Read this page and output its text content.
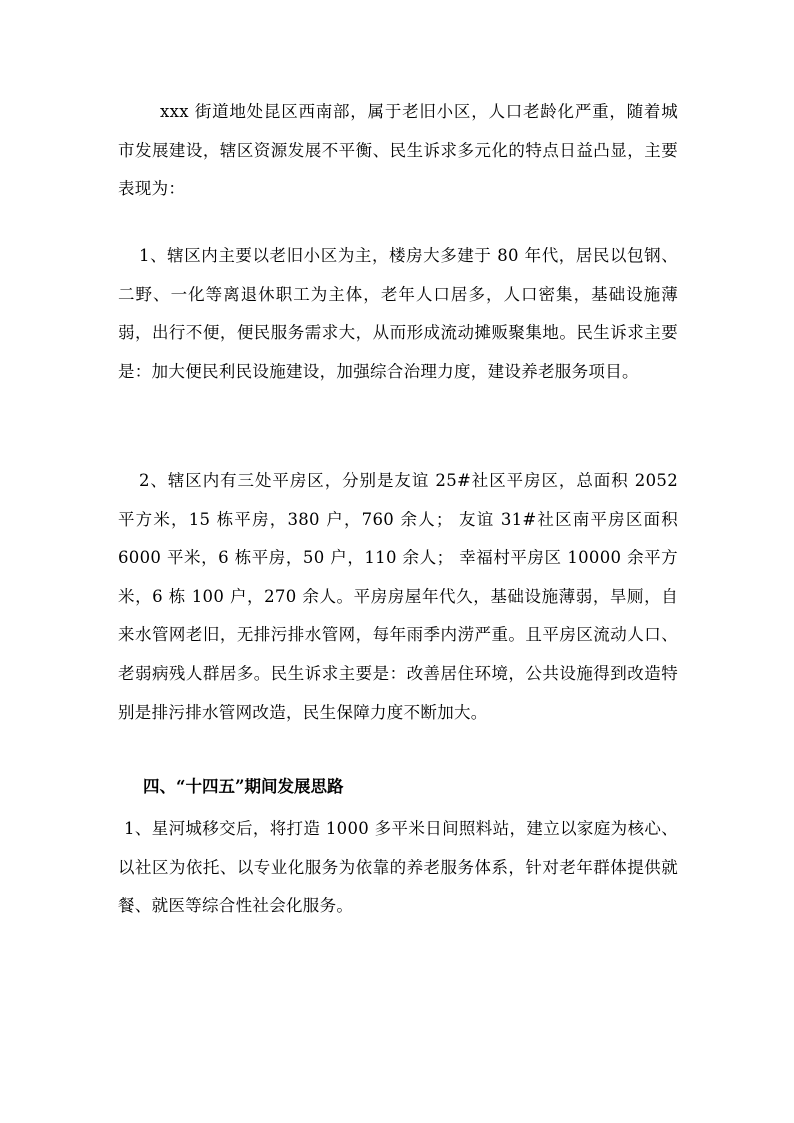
xxx 街道地处昆区西南部，属于老旧小区，人口老龄化严重，随着城市发展建设，辖区资源发展不平衡、民生诉求多元化的特点日益凸显，主要表现为：

1、辖区内主要以老旧小区为主，楼房大多建于 80 年代，居民以包钢、二野、一化等离退休职工为主体，老年人口居多，人口密集，基础设施薄弱，出行不便，便民服务需求大，从而形成流动摊贩聚集地。民生诉求主要是：加大便民利民设施建设，加强综合治理力度，建设养老服务项目。

2、辖区内有三处平房区，分别是友谊 25#社区平房区，总面积 2052 平方米，15 栋平房，380 户，760 余人； 友谊 31#社区南平房区面积 6000 平米，6 栋平房，50 户，110 余人； 幸福村平房区 10000 余平方米，6 栋 100 户，270 余人。平房房屋年代久，基础设施薄弱，旱厕，自来水管网老旧，无排污排水管网，每年雨季内涝严重。且平房区流动人口、老弱病残人群居多。民生诉求主要是：改善居住环境，公共设施得到改造特别是排污排水管网改造，民生保障力度不断加大。

四、“十四五”期间发展思路

1、星河城移交后，将打造 1000 多平米日间照料站，建立以家庭为核心、以社区为依托、以专业化服务为依靠的养老服务体系，针对老年群体提供就餐、就医等综合性社会化服务。
